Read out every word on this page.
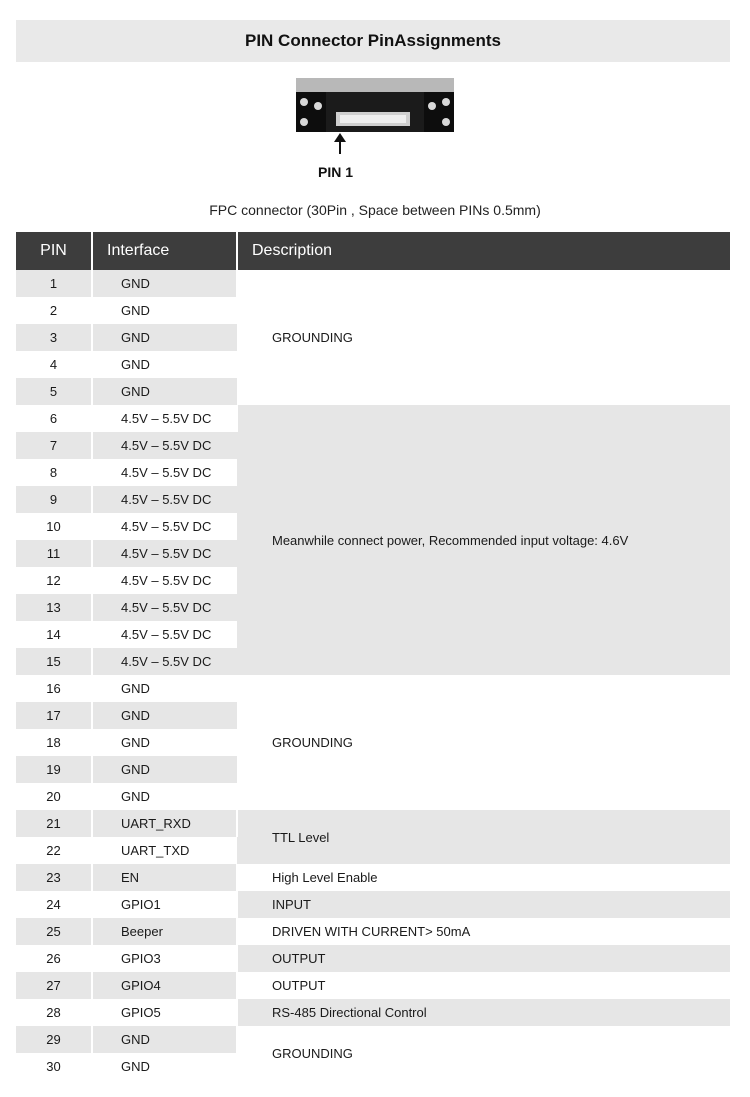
PIN Connector PinAssignments
PIN 1
FPC connector (30Pin , Space between PINs 0.5mm)
PIN	Interface	Description
1	GND	GROUNDING
2	GND	
3	GND	
4	GND	
5	GND	
6	4.5V – 5.5V DC	Meanwhile connect power, Recommended input voltage: 4.6V
7	4.5V – 5.5V DC	
8	4.5V – 5.5V DC	
9	4.5V – 5.5V DC	
10	4.5V – 5.5V DC	
11	4.5V – 5.5V DC	
12	4.5V – 5.5V DC	
13	4.5V – 5.5V DC	
14	4.5V – 5.5V DC	
15	4.5V – 5.5V DC	
16	GND	GROUNDING
17	GND	
18	GND	
19	GND	
20	GND	
21	UART_RXD	TTL Level
22	UART_TXD	
23	EN	High Level Enable
24	GPIO1	INPUT
25	Beeper	DRIVEN WITH CURRENT> 50mA
26	GPIO3	OUTPUT
27	GPIO4	OUTPUT
28	GPIO5	RS-485 Directional Control
29	GND	GROUNDING
30	GND	
